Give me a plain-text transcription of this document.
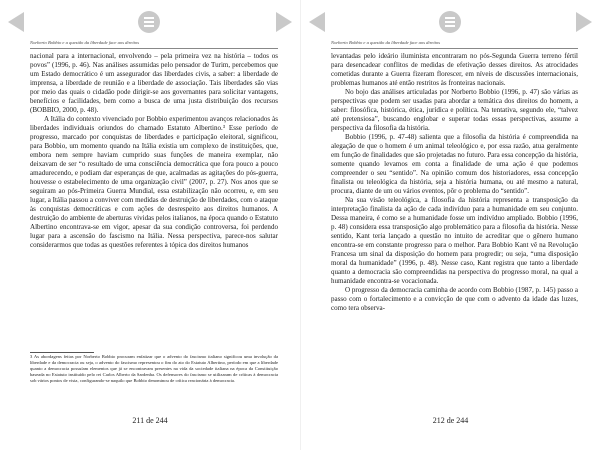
Norberto Bobbio e a questão da liberdade face aos direitos

nacional para a internacional, envolvendo – pela primeira vez na história – todos os povos” (1996, p. 46). Nas análises assumidas pelo pensador de Turim, percebemos que um Estado democrático é um assegurador das liberdades civis, a saber: a liberdade de imprensa, a liberdade de reunião e a liberdade de associação. Tais liberdades são vias por meio das quais o cidadão pode dirigir-se aos governantes para solicitar vantagens, benefícios e facilidades, bem como a busca de uma justa distribuição dos recursos (BOBBIO, 2000, p. 48).

A Itália do contexto vivenciado por Bobbio experimentou avanços relacionados às liberdades individuais oriundos do chamado Estatuto Albertino.³ Esse período de progresso, marcado por conquistas de liberdades e participação eleitoral, significou, para Bobbio, um momento quando na Itália existia um complexo de instituições, que, embora nem sempre haviam cumprido suas funções de maneira exemplar, não deixavam de ser “o resultado de uma consciência democrática que fora pouco a pouco amadurecendo, e podiam dar esperanças de que, acalmadas as agitações do pós-guerra, houvesse o estabelecimento de uma organização civil” (2007, p. 27). Nos anos que se seguiram ao pós-Primeira Guerra Mundial, essa estabilização não ocorreu, e, em seu lugar, a Itália passou a conviver com medidas de destruição de liberdades, com o ataque às conquistas democráticas e com ações de desrespeito aos direitos humanos. A destruição do ambiente de aberturas vividas pelos italianos, na época quando o Estatuto Albertino encontrava-se em vigor, apesar da sua condição controversa, foi perdendo lugar para a ascensão do fascismo na Itália. Nessa perspectiva, parece-nos salutar considerarmos que todas as questões referentes à tópica dos direitos humanos

3 As abordagens feitas por Norberto Bobbio procuram enfatizar que o advento do fascismo italiano significou uma involução da liberdade e da democracia ou seja, o advento do fascismo representou o fim do ato do Estatuto Albertino, período em que a liberdade quanto a democracia possuíam elementos que já se encontravam presentes na vida da sociedade italiana na época da Constituição baseada no Estatuto instituído pelo rei Carlos Alberto da Sardenha. Os defensores do fascismo se utilizaram de críticas à democracia sob vários pontos de vista, configurando-se naquilo que Bobbio denominou de crítica reacionária à democracia.
211 de 244
Norberto Bobbio e a questão da liberdade face aos direitos

levantadas pelo ideário iluminista encontraram no pós-Segunda Guerra terreno fértil para desencadear conflitos de medidas de efetivação desses direitos. As atrocidades cometidas durante a Guerra fizeram florescer, em níveis de discussões internacionais, problemas humanos até então restritos às fronteiras nacionais.

No bojo das análises articuladas por Norberto Bobbio (1996, p. 47) são várias as perspectivas que podem ser usadas para abordar a temática dos direitos do homem, a saber: filosófica, histórica, ética, jurídica e política. Na tentativa, segundo ele, “talvez até pretensiosa”, buscando englobar e superar todas essas perspectivas, assume a perspectiva da filosofia da história.

Bobbio (1996, p. 47-48) salienta que a filosofia da história é compreendida na alegação de que o homem é um animal teleológico e, por essa razão, atua geralmente em função de finalidades que são projetadas no futuro. Para essa concepção da história, somente quando levamos em conta a finalidade de uma ação é que podemos compreender o seu “sentido”. Na opinião comum dos historiadores, essa concepção finalista ou teleológica da história, seja a história humana, ou até mesmo a natural, procura, diante de um ou vários eventos, pôr o problema do “sentido”.

Na sua visão teleológica, a filosofia da história representa a transposição da interpretação finalista da ação de cada indivíduo para a humanidade em seu conjunto. Dessa maneira, é como se a humanidade fosse um indivíduo ampliado. Bobbio (1996, p. 48) considera essa transposição algo problemático para a filosofia da história. Nesse sentido, Kant teria lançado a questão no intuito de acreditar que o gênero humano encontra-se em constante progresso para o melhor. Para Bobbio Kant vê na Revolução Francesa um sinal da disposição do homem para progredir; ou seja, “uma disposição moral da humanidade” (1996, p. 48). Nesse caso, Kant registra que tanto a liberdade quanto a democracia são compreendidas na perspectiva do progresso moral, na qual a humanidade encontra-se vocacionada.

O progresso da democracia caminha de acordo com Bobbio (1987, p. 145) passo a passo com o fortalecimento e a convicção de que com o advento da idade das luzes, como tera observa-

212 de 244
